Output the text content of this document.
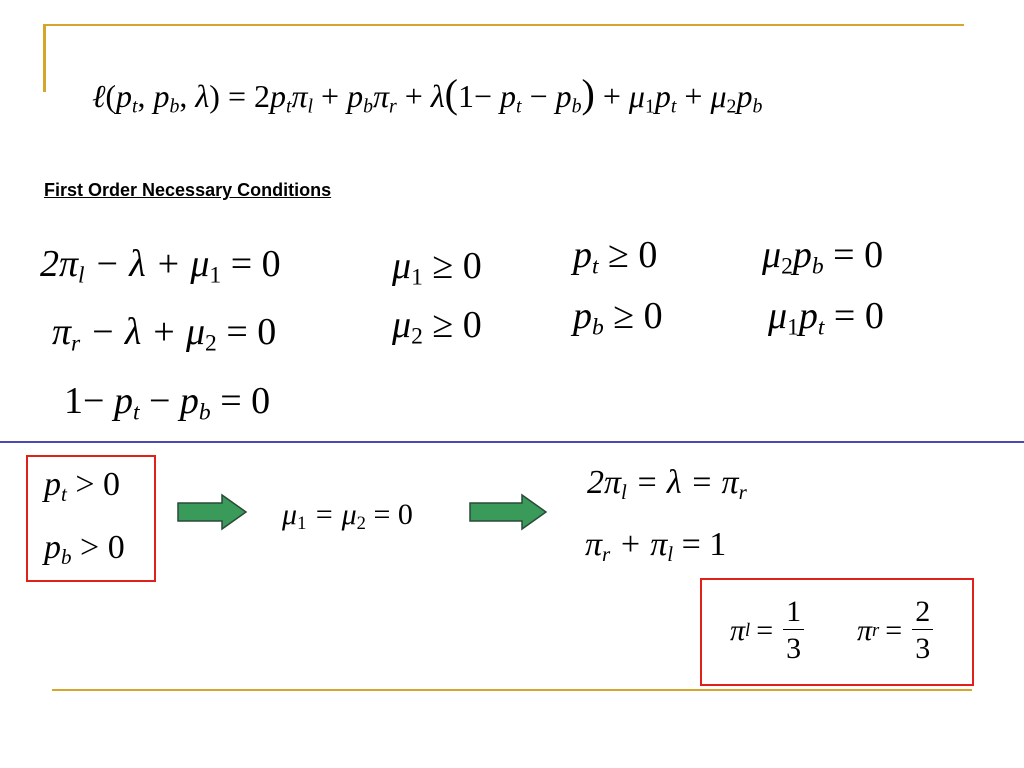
$\ell(p_t$, $p_b$, $\lambda) = 2p_t\pi_l + p_b\pi_r + \lambda(1- p_t - p_b) + \mu_1p_t + \mu_2p_b$
First Order Necessary Conditions
$2\pi_l - \lambda + \mu_1 = 0$
$\pi_r - \lambda + \mu_2 = 0$
$1- p_t - p_b = 0$
$\mu_1 \ge 0$
$\mu_2 \ge 0$
$p_t \ge 0$
$p_b \ge 0$
$\mu_2p_b = 0$
$\mu_1p_t = 0$
$p_t > 0$
$p_b > 0$
$\mu_1 = \mu_2 = 0$
$2\pi_l = \lambda = \pi_r$
$\pi_r + \pi_l = 1$
π $l = \frac{1}{3}$ π $r = \frac{2}{3}$
